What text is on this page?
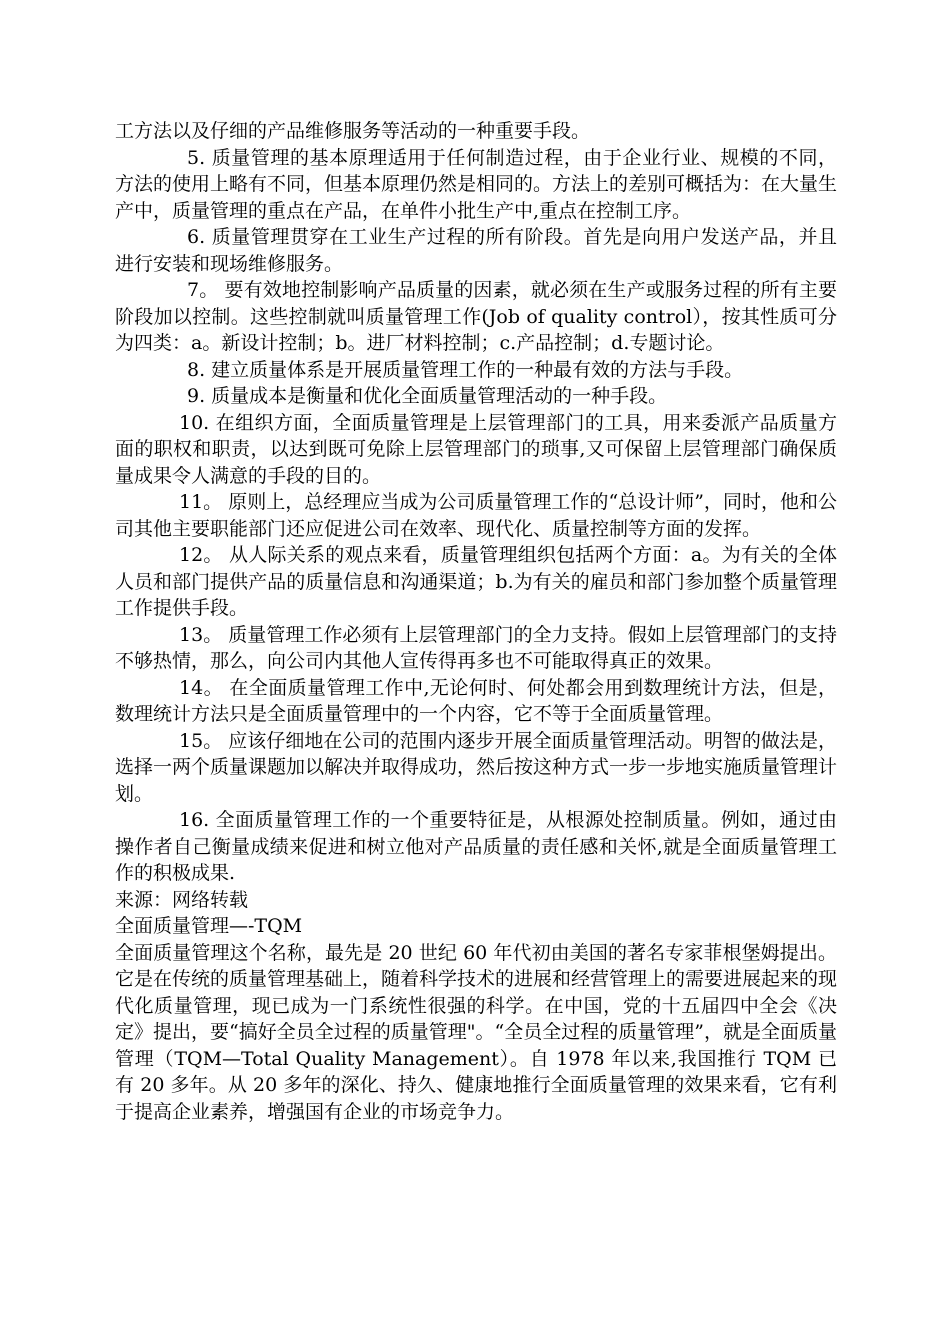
工方法以及仔细的产品维修服务等活动的一种重要手段。

5. 质量管理的基本原理适用于任何制造过程，由于企业行业、规模的不同，方法的使用上略有不同，但基本原理仍然是相同的。方法上的差别可概括为：在大量生产中，质量管理的重点在产品，在单件小批生产中,重点在控制工序。

6. 质量管理贯穿在工业生产过程的所有阶段。首先是向用户发送产品，并且进行安装和现场维修服务。

7。 要有效地控制影响产品质量的因素，就必须在生产或服务过程的所有主要阶段加以控制。这些控制就叫质量管理工作(Job of quality control），按其性质可分为四类：a。新设计控制；b。进厂材料控制；c.产品控制；d.专题讨论。

8. 建立质量体系是开展质量管理工作的一种最有效的方法与手段。

9. 质量成本是衡量和优化全面质量管理活动的一种手段。

10. 在组织方面，全面质量管理是上层管理部门的工具，用来委派产品质量方面的职权和职责，以达到既可免除上层管理部门的琐事,又可保留上层管理部门确保质量成果令人满意的手段的目的。

11。 原则上，总经理应当成为公司质量管理工作的“总设计师”，同时，他和公司其他主要职能部门还应促进公司在效率、现代化、质量控制等方面的发挥。

12。 从人际关系的观点来看，质量管理组织包括两个方面：a。为有关的全体人员和部门提供产品的质量信息和沟通渠道；b.为有关的雇员和部门参加整个质量管理工作提供手段。

13。 质量管理工作必须有上层管理部门的全力支持。假如上层管理部门的支持不够热情，那么，向公司内其他人宣传得再多也不可能取得真正的效果。

14。 在全面质量管理工作中,无论何时、何处都会用到数理统计方法，但是，数理统计方法只是全面质量管理中的一个内容，它不等于全面质量管理。

15。 应该仔细地在公司的范围内逐步开展全面质量管理活动。明智的做法是，选择一两个质量课题加以解决并取得成功，然后按这种方式一步一步地实施质量管理计划。

16. 全面质量管理工作的一个重要特征是，从根源处控制质量。例如，通过由操作者自己衡量成绩来促进和树立他对产品质量的责任感和关怀,就是全面质量管理工作的积极成果.

来源：网络转载

全面质量管理—-TQM

全面质量管理这个名称，最先是 20 世纪 60 年代初由美国的著名专家菲根堡姆提出。它是在传统的质量管理基础上，随着科学技术的进展和经营管理上的需要进展起来的现代化质量管理，现已成为一门系统性很强的科学。在中国，党的十五届四中全会《决定》提出，要“搞好全员全过程的质量管理"。“全员全过程的质量管理”，就是全面质量管理（TQM—Total Quality Management）。自 1978 年以来,我国推行 TQM 已有 20 多年。从 20 多年的深化、持久、健康地推行全面质量管理的效果来看，它有利于提高企业素养，增强国有企业的市场竞争力。
